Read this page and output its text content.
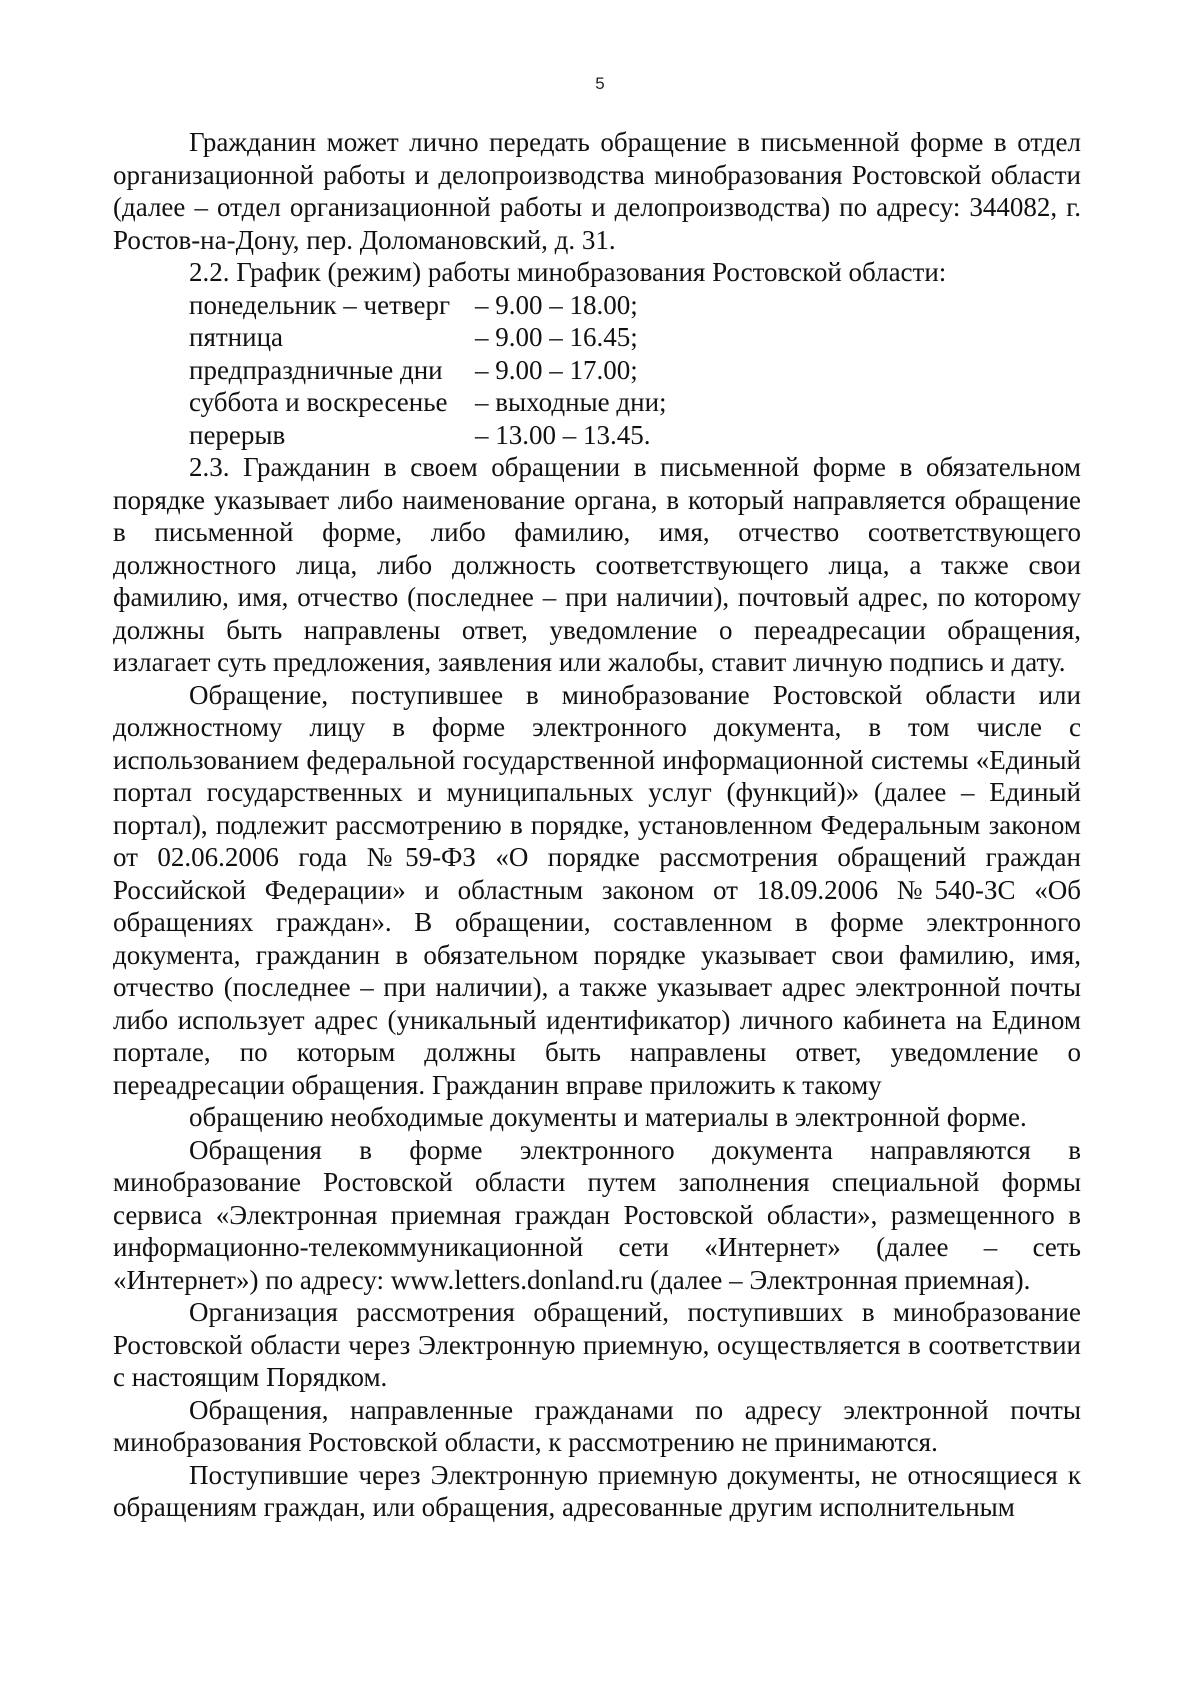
5

Гражданин может лично передать обращение в письменной форме в отдел организационной работы и делопроизводства минобразования Ростовской области (далее – отдел организационной работы и делопроизводства) по адресу: 344082, г. Ростов-на-Дону, пер. Доломановский, д. 31.

2.2. График (режим) работы минобразования Ростовской области:

понедельник – четверг	– 9.00 – 18.00;
пятница	– 9.00 – 16.45;
предпраздничные дни	– 9.00 – 17.00;
суббота и воскресенье	– выходные дни;
перерыв	– 13.00 – 13.45.

2.3. Гражданин в своем обращении в письменной форме в обязательном порядке указывает либо наименование органа, в который направляется обращение в письменной форме, либо фамилию, имя, отчество соответствующего должностного лица, либо должность соответствующего лица, а также свои фамилию, имя, отчество (последнее – при наличии), почтовый адрес, по которому должны быть направлены ответ, уведомление о переадресации обращения, излагает суть предложения, заявления или жалобы, ставит личную подпись и дату.

Обращение, поступившее в минобразование Ростовской области или должностному лицу в форме электронного документа, в том числе с использованием федеральной государственной информационной системы «Единый портал государственных и муниципальных услуг (функций)» (далее – Единый портал), подлежит рассмотрению в порядке, установленном Федеральным законом от 02.06.2006 года №59-ФЗ «О порядке рассмотрения обращений граждан Российской Федерации» и областным законом от 18.09.2006 №540-ЗС «Об обращениях граждан». В обращении, составленном в форме электронного документа, гражданин в обязательном порядке указывает свои фамилию, имя, отчество (последнее – при наличии), а также указывает адрес электронной почты либо использует адрес (уникальный идентификатор) личного кабинета на Едином портале, по которым должны быть направлены ответ, уведомление о переадресации обращения. Гражданин вправе приложить к такому

обращению необходимые документы и материалы в электронной форме.

Обращения в форме электронного документа направляются в минобразование Ростовской области путем заполнения специальной формы сервиса «Электронная приемная граждан Ростовской области», размещенного в информационно-телекоммуникационной сети «Интернет» (далее – сеть «Интернет») по адресу: www.letters.donland.ru (далее – Электронная приемная).

Организация рассмотрения обращений, поступивших в минобразование Ростовской области через Электронную приемную, осуществляется в соответствии с настоящим Порядком.

Обращения, направленные гражданами по адресу электронной почты минобразования Ростовской области, к рассмотрению не принимаются.

Поступившие через Электронную приемную документы, не относящиеся к обращениям граждан, или обращения, адресованные другим исполнительным
